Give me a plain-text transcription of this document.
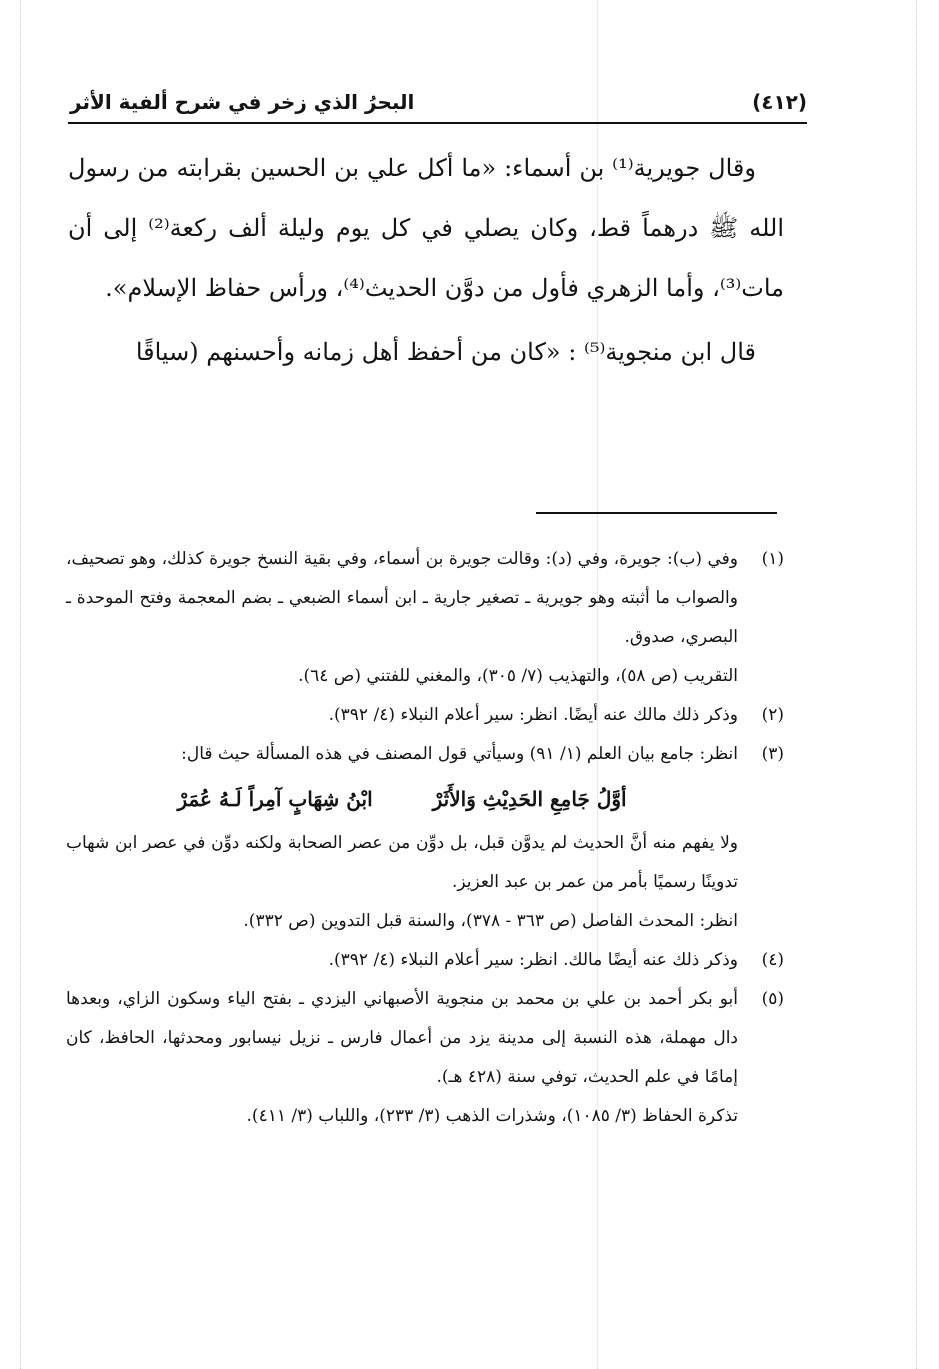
(٤١٢)
البحرُ الذي زخر في شرح ألفية الأثر

وقال جويرية⁽¹⁾ بن أسماء: «ما أكل علي بن الحسين بقرابته من رسول الله ﷺ درهماً قط، وكان يصلي في كل يوم وليلة ألف ركعة⁽²⁾ إلى أن مات⁽³⁾، وأما الزهري فأول من دوَّن الحديث⁽⁴⁾، ورأس حفاظ الإسلام».

قال ابن منجوية⁽⁵⁾ : «كان من أحفظ أهل زمانه وأحسنهم (سياقًا

(١)

وفي (ب): جويرة، وفي (د): وقالت جويرة بن أسماء، وفي بقية النسخ جويرة كذلك، وهو تصحيف، والصواب ما أثبته وهو جويرية ـ تصغير جارية ـ ابن أسماء الضبعي ـ بضم المعجمة وفتح الموحدة ـ البصري، صدوق.

التقريب (ص ٥٨)، والتهذيب (٧/ ٣٠٥)، والمغني للفتني (ص ٦٤).

(٢)

وذكر ذلك مالك عنه أيضًا. انظر: سير أعلام النبلاء (٤/ ٣٩٢).

(٣)

انظر: جامع بيان العلم (١/ ٩١) وسيأتي قول المصنف في هذه المسألة حيث قال:

أوَّلُ جَامِعِ الحَدِيْثِ وَالأَثَرْ
ابْنُ شِهَابٍ آمِراً لَـهُ عُمَرْ

ولا يفهم منه أنَّ الحديث لم يدوَّن قبل، بل دوِّن من عصر الصحابة ولكنه دوِّن في عصر ابن شهاب تدوينًا رسميًا بأمر من عمر بن عبد العزيز.

انظر: المحدث الفاصل (ص ٣٦٣ - ٣٧٨)، والسنة قبل التدوين (ص ٣٣٢).

(٤)

وذكر ذلك عنه أيضًا مالك. انظر: سير أعلام النبلاء (٤/ ٣٩٢).

(٥)

أبو بكر أحمد بن علي بن محمد بن منجوية الأصبهاني اليزدي ـ بفتح الياء وسكون الزاي، وبعدها دال مهملة، هذه النسبة إلى مدينة يزد من أعمال فارس ـ نزيل نيسابور ومحدثها، الحافظ، كان إمامًا في علم الحديث، توفي سنة (٤٢٨ هـ).

تذكرة الحفاظ (٣/ ١٠٨٥)، وشذرات الذهب (٣/ ٢٣٣)، واللباب (٣/ ٤١١).
